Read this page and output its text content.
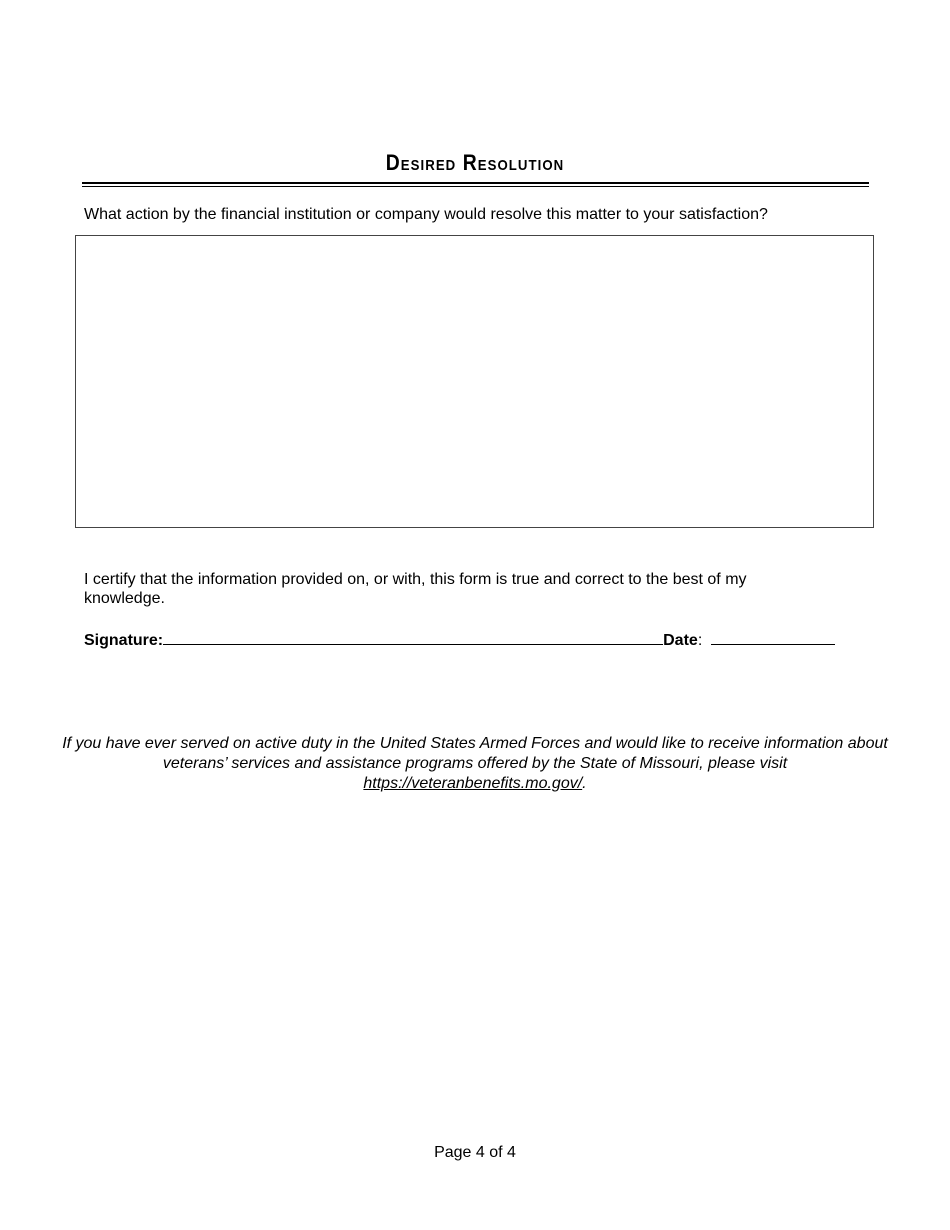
Desired Resolution
What action by the financial institution or company would resolve this matter to your satisfaction?
I certify that the information provided on, or with, this form is true and correct to the best of my knowledge.
Signature:	Date :
If you have ever served on active duty in the United States Armed Forces and would like to receive information about veterans’ services and assistance programs offered by the State of Missouri, please visit https://veteranbenefits.mo.gov/.
Page 4 of 4
